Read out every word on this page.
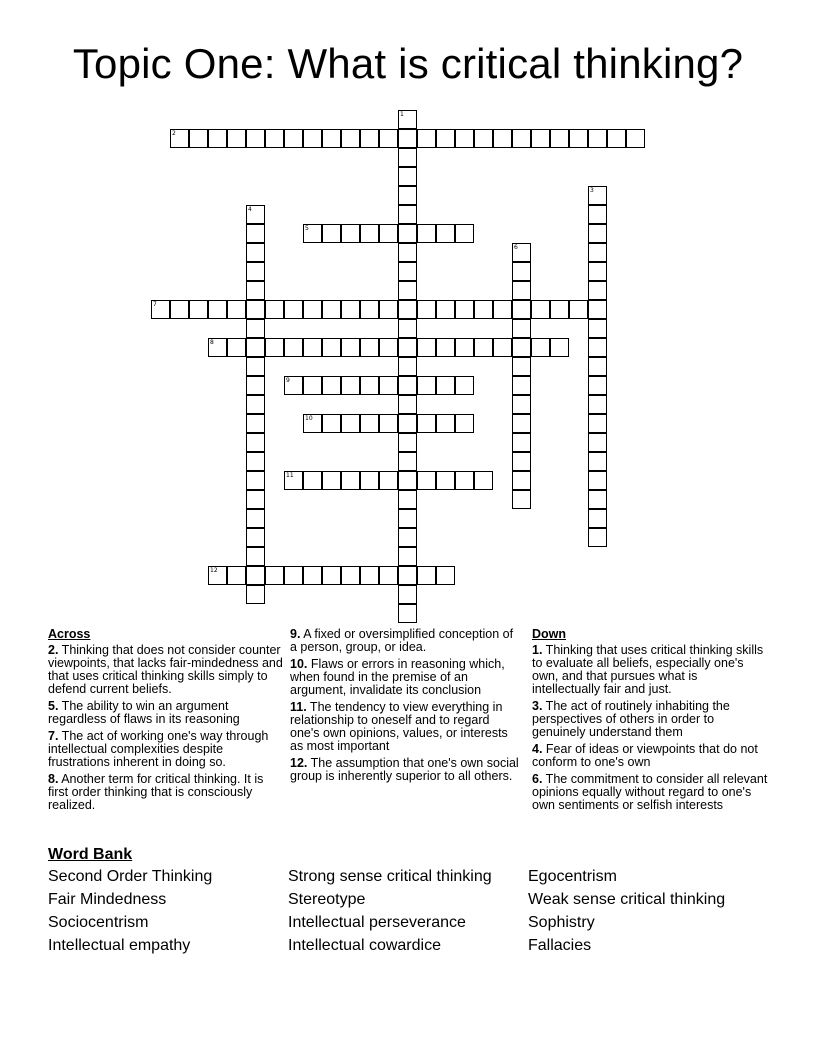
Topic One: What is critical thinking?
1
2
3
4
5
6
7
8
9
10
11
12
Across
2. Thinking that does not consider counter viewpoints, that lacks fair-mindedness and that uses critical thinking skills simply to defend current beliefs.
5. The ability to win an argument regardless of flaws in its reasoning
7. The act of working one's way through intellectual complexities despite frustrations inherent in doing so.
8. Another term for critical thinking. It is first order thinking that is consciously realized.
9. A fixed or oversimplified conception of a person, group, or idea.
10. Flaws or errors in reasoning which, when found in the premise of an argument, invalidate its conclusion
11. The tendency to view everything in relationship to oneself and to regard one's own opinions, values, or interests as most important
12. The assumption that one's own social group is inherently superior to all others.
Down
1. Thinking that uses critical thinking skills to evaluate all beliefs, especially one's own, and that pursues what is intellectually fair and just.
3. The act of routinely inhabiting the perspectives of others in order to genuinely understand them
4. Fear of ideas or viewpoints that do not conform to one's own
6. The commitment to consider all relevant opinions equally without regard to one's own sentiments or selfish interests
Word Bank
Second Order Thinking
Fair Mindedness
Sociocentrism
Intellectual empathy
Strong sense critical thinking
Stereotype
Intellectual perseverance
Intellectual cowardice
Egocentrism
Weak sense critical thinking
Sophistry
Fallacies
